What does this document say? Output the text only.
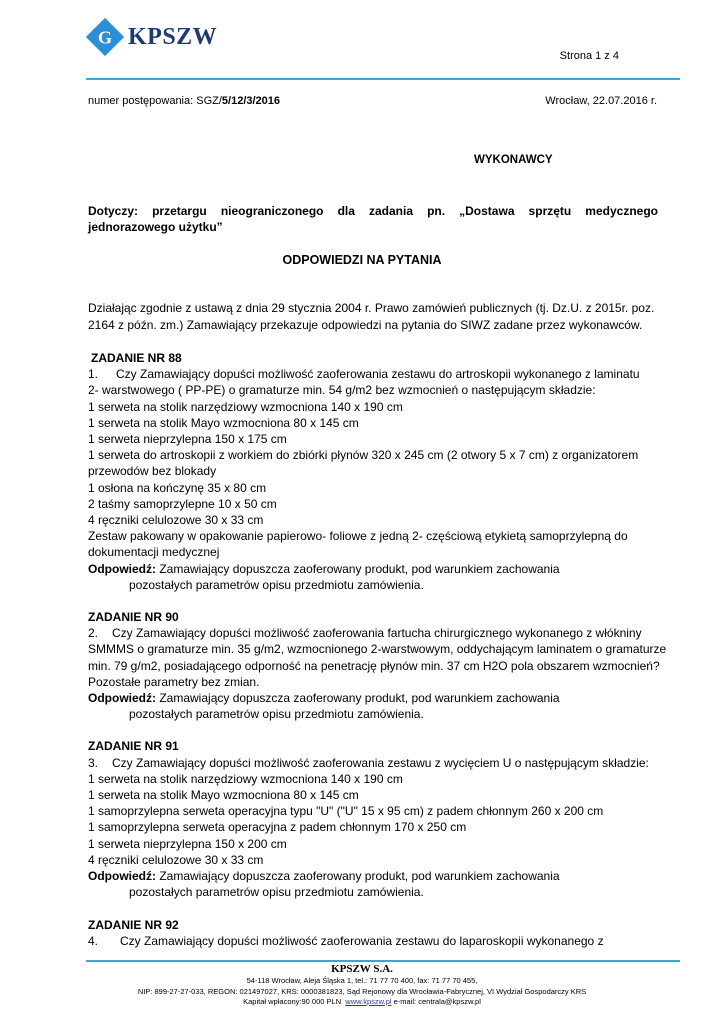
G KPSZW
Strona 1 z 4
numer postępowania: SGZ/5/12/3/2016	Wrocław, 22.07.2016 r.
WYKONAWCY
Dotyczy: przetargu nieograniczonego dla zadania pn. „Dostawa sprzętu medycznego jednorazowego użytku”
ODPOWIEDZI NA PYTANIA
Działając zgodnie z ustawą z dnia 29 stycznia 2004 r. Prawo zamówień publicznych (tj. Dz.U. z 2015r. poz. 2164 z późn. zm.) Zamawiający przekazuje odpowiedzi na pytania do SIWZ zadane przez wykonawców.
ZADANIE NR 88
1. Czy Zamawiający dopuści możliwość zaoferowania zestawu do artroskopii wykonanego z laminatu
2- warstwowego ( PP-PE) o gramaturze min. 54 g/m2 bez wzmocnień o następującym składzie:
1 serweta na stolik narzędziowy wzmocniona 140 x 190 cm
1 serweta na stolik Mayo wzmocniona 80 x 145 cm
1 serweta nieprzylepna 150 x 175 cm
1 serweta do artroskopii z workiem do zbiórki płynów 320 x 245 cm (2 otwory 5 x 7 cm) z organizatorem przewodów bez blokady
1 osłona na kończynę 35 x 80 cm
2 taśmy samoprzylepne 10 x 50 cm
4 ręczniki celulozowe 30 x 33 cm
Zestaw pakowany w opakowanie papierowo- foliowe z jedną 2- częściową etykietą samoprzylepną do dokumentacji medycznej
Odpowiedź: Zamawiający dopuszcza zaoferowany produkt, pod warunkiem zachowania
pozostałych parametrów opisu przedmiotu zamówienia.
ZADANIE NR 90
2. Czy Zamawiający dopuści możliwość zaoferowania fartucha chirurgicznego wykonanego z włókniny SMMMS o gramaturze min. 35 g/m2, wzmocnionego 2-warstwowym, oddychającym laminatem o gramaturze min. 79 g/m2, posiadającego odporność na penetrację płynów min. 37 cm H2O pola obszarem wzmocnień? Pozostałe parametry bez zmian.
Odpowiedź: Zamawiający dopuszcza zaoferowany produkt, pod warunkiem zachowania
pozostałych parametrów opisu przedmiotu zamówienia.
ZADANIE NR 91
3. Czy Zamawiający dopuści możliwość zaoferowania zestawu z wycięciem U o następującym składzie:
1 serweta na stolik narzędziowy wzmocniona 140 x 190 cm
1 serweta na stolik Mayo wzmocniona 80 x 145 cm
1 samoprzylepna serweta operacyjna typu "U" ("U" 15 x 95 cm) z padem chłonnym 260 x 200 cm
1 samoprzylepna serweta operacyjna z padem chłonnym 170 x 250 cm
1 serweta nieprzylepna 150 x 200 cm
4 ręczniki celulozowe 30 x 33 cm
Odpowiedź: Zamawiający dopuszcza zaoferowany produkt, pod warunkiem zachowania
pozostałych parametrów opisu przedmiotu zamówienia.
ZADANIE NR 92
4. Czy Zamawiający dopuści możliwość zaoferowania zestawu do laparoskopii wykonanego z
KPSZW S.A.
54-118 Wrocław, Aleja Śląska 1, tel.: 71 77 70 400, fax: 71 77 70 455,
NIP: 899-27-27-033, REGON: 021497027, KRS: 0000381823, Sąd Rejonowy dla Wrocławia-Fabrycznej, VI Wydział Gospodarczy KRS
Kapitał wpłacony:90 000 PLN www.kpszw.pl e-mail: centrala@kpszw.pl
